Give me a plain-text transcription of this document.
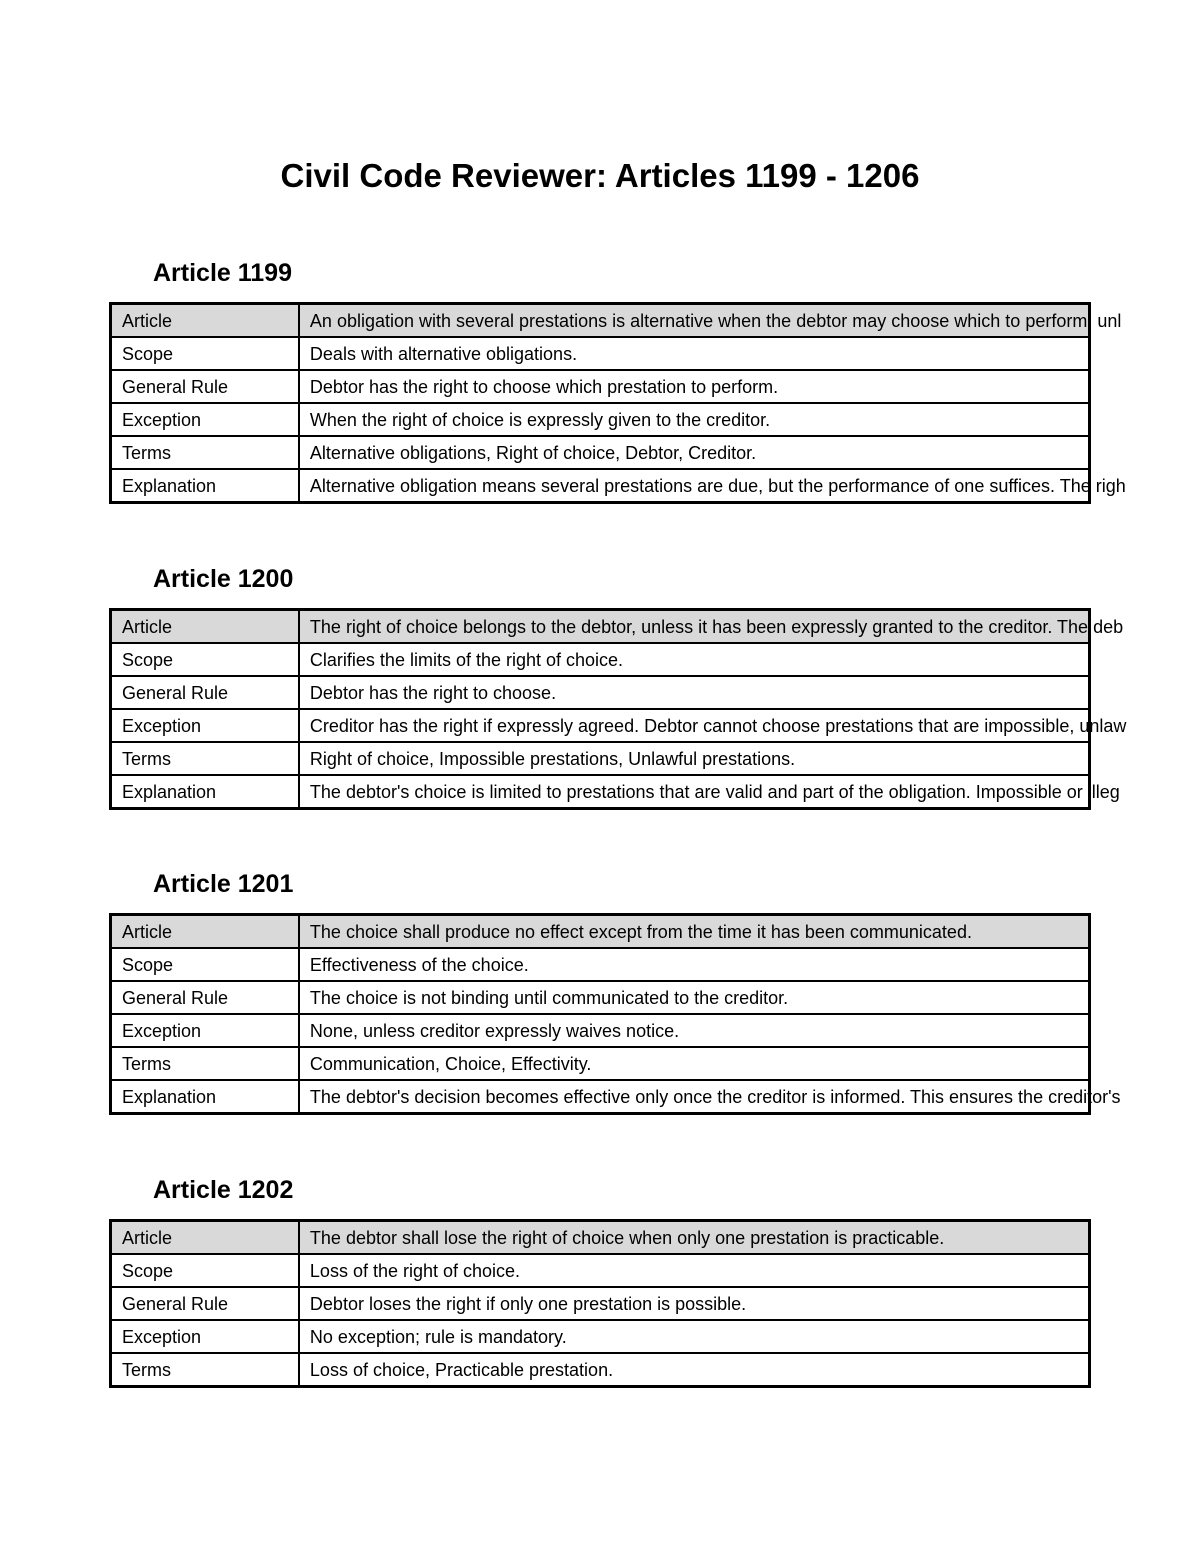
Civil Code Reviewer: Articles 1199 - 1206
Article 1199
Article	An obligation with several prestations is alternative when the debtor may choose which to perform, unl
Scope	Deals with alternative obligations.
General Rule	Debtor has the right to choose which prestation to perform.
Exception	When the right of choice is expressly given to the creditor.
Terms	Alternative obligations, Right of choice, Debtor, Creditor.
Explanation	Alternative obligation means several prestations are due, but the performance of one suffices. The righ
Article 1200
Article	The right of choice belongs to the debtor, unless it has been expressly granted to the creditor. The deb
Scope	Clarifies the limits of the right of choice.
General Rule	Debtor has the right to choose.
Exception	Creditor has the right if expressly agreed. Debtor cannot choose prestations that are impossible, unlaw
Terms	Right of choice, Impossible prestations, Unlawful prestations.
Explanation	The debtor's choice is limited to prestations that are valid and part of the obligation. Impossible or illeg
Article 1201
Article	The choice shall produce no effect except from the time it has been communicated.
Scope	Effectiveness of the choice.
General Rule	The choice is not binding until communicated to the creditor.
Exception	None, unless creditor expressly waives notice.
Terms	Communication, Choice, Effectivity.
Explanation	The debtor's decision becomes effective only once the creditor is informed. This ensures the creditor's
Article 1202
Article	The debtor shall lose the right of choice when only one prestation is practicable.
Scope	Loss of the right of choice.
General Rule	Debtor loses the right if only one prestation is possible.
Exception	No exception; rule is mandatory.
Terms	Loss of choice, Practicable prestation.
